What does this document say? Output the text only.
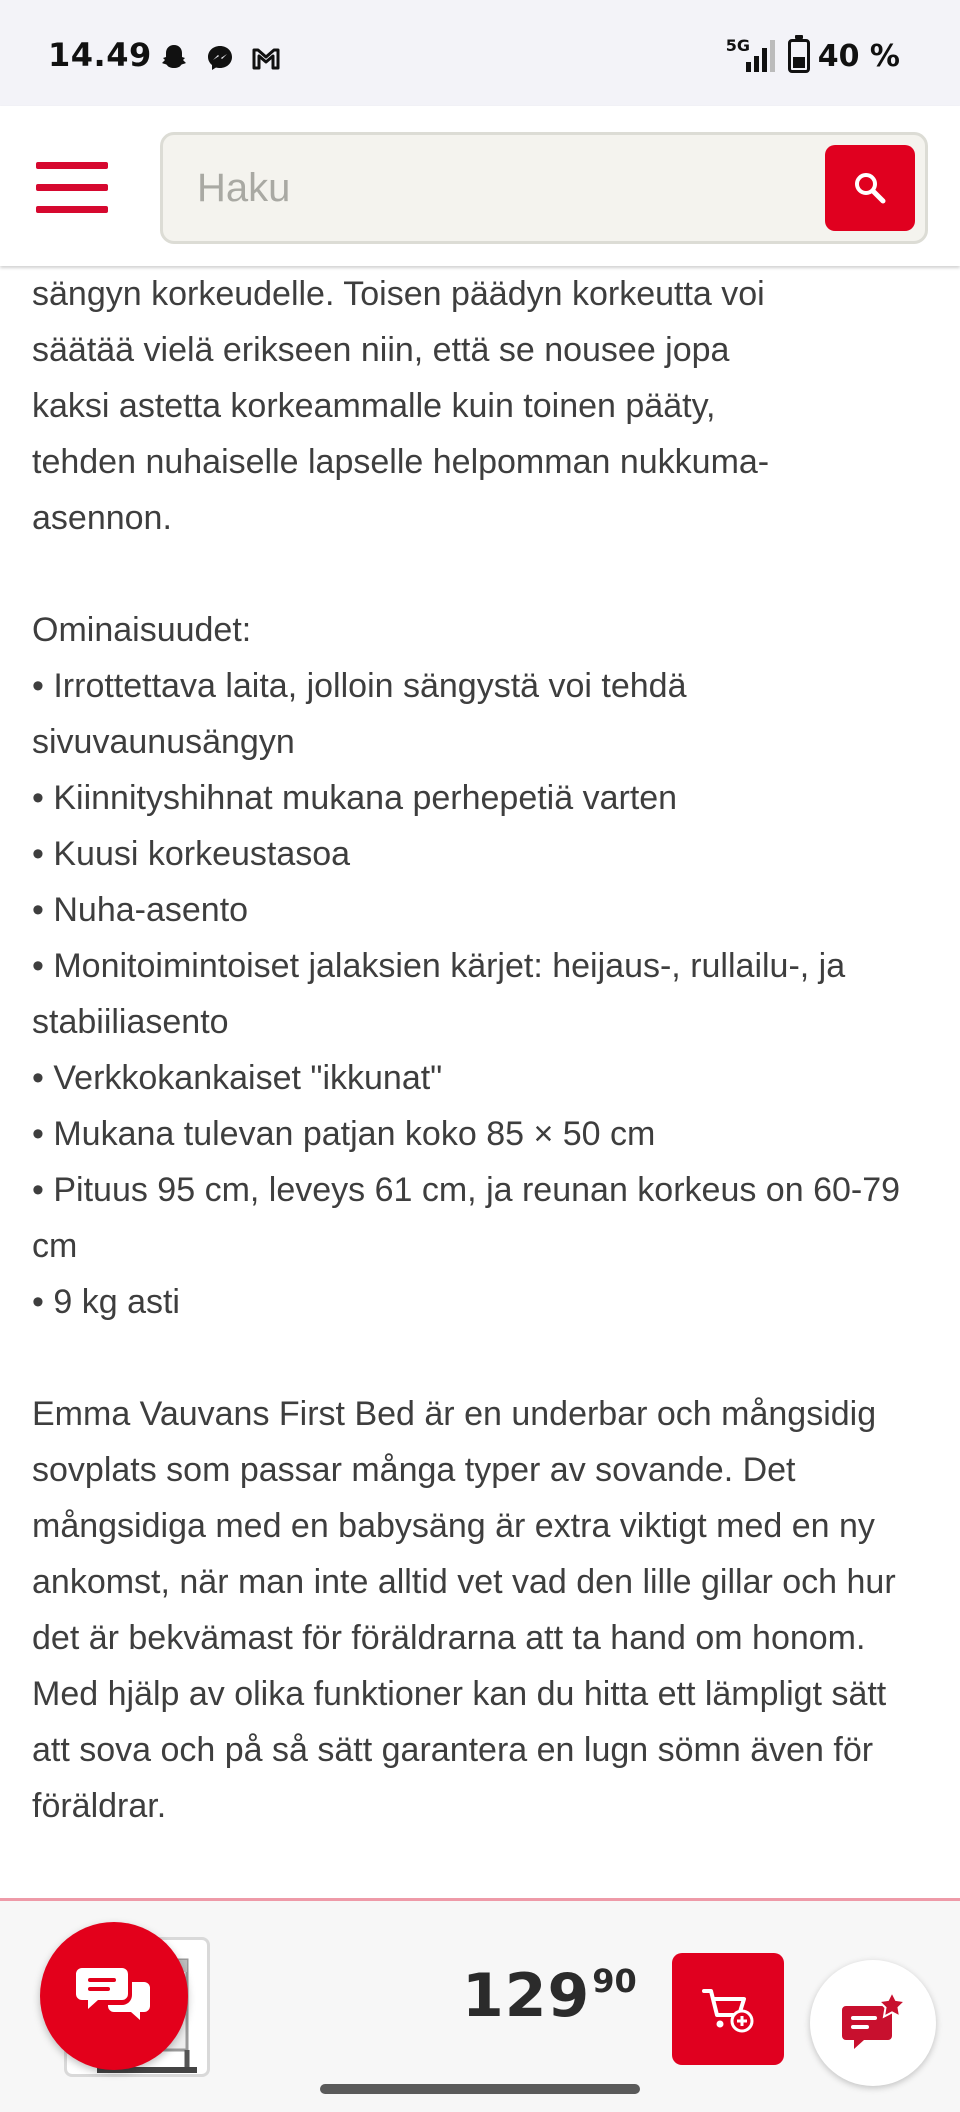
14.49	5G 40 %
Haku

sängyn korkeudelle. Toisen päädyn korkeutta voi

säätää vielä erikseen niin, että se nousee jopa

kaksi astetta korkeammalle kuin toinen pääty,

tehden nuhaiselle lapselle helpomman nukkuma-

asennon.

Ominaisuudet:

• Irrottettava laita, jolloin sängystä voi tehdä sivuvaunusängyn

• Kiinnityshihnat mukana perhepetiä varten

• Kuusi korkeustasoa

• Nuha-asento

• Monitoimintoiset jalaksien kärjet: heijaus-, rullailu-, ja stabiiliasento

• Verkkokankaiset "ikkunat"

• Mukana tulevan patjan koko 85 × 50 cm

• Pituus 95 cm, leveys 61 cm, ja reunan korkeus on 60-79 cm

• 9 kg asti

Emma Vauvans First Bed är en underbar och mångsidig sovplats som passar många typer av sovande. Det mångsidiga med en babysäng är extra viktigt med en ny ankomst, när man inte alltid vet vad den lille gillar och hur det är bekvämast för föräldrarna att ta hand om honom. Med hjälp av olika funktioner kan du hitta ett lämpligt sätt att sova och på så sätt garantera en lugn sömn även för föräldrar.

129 90
